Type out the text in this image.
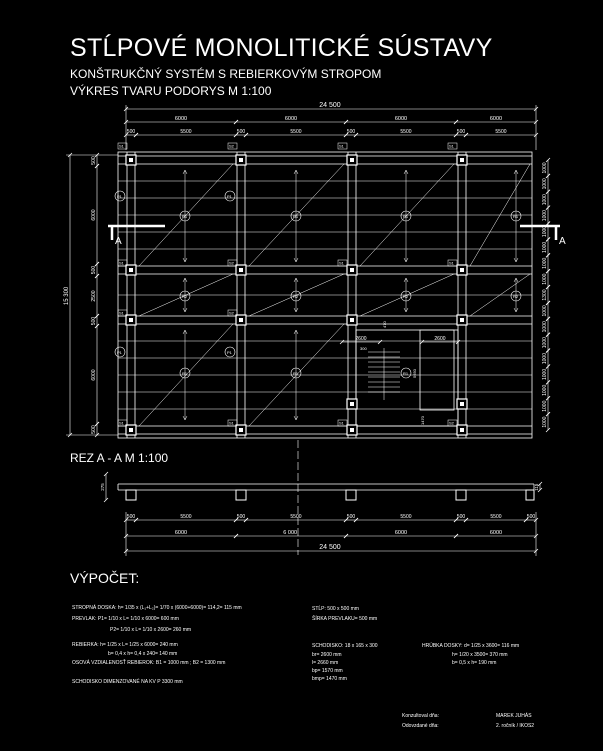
STĹPOVÉ MONOLITICKÉ SÚSTAVY
KONŠTRUKČNÝ SYSTÉM S REBIERKOVÝM STROPOM
VÝKRES TVARU PODORYS M 1:100
R1	R1	R1	R1
R2	R2	R2	R2
R1	R1	R1
P1	P1
P1	P1
S1	S2	S1	S1
S1	S2	S1	S1
S1	S2
S1	S1	S1	S2
A	A
24 500
6000	6000	6000	6000
500	5500	500	5500	500	5500	500	5500
15 300
500
6000
500
2500
500
6000
500
1000
1000
1000
1000
1000
1000
1000
1000
1300
1000
1000
1000
1000
1000
1000
1000
1000
2600	2600
300
470
1470
5650
275	115
500	5500	500	5500	500	5500	500	5500	500
6000	6 000	6000	6000
24 500
REZ A - A M 1:100
VÝPOČET:
STROPNÁ DOSKA: h= 1/35 x (L₁+L₂)= 1/70 x (6000+6000)= 114,2= 115 mm
PREVLAK: P1= 1/10 x L= 1/10 x 6000= 600 mm
P2= 1/10 x L= 1/10 x 2600= 260 mm
REBIERKA: h= 1/25 x L= 1/25 x 6000= 240 mm
b= 0,4 x h= 0,4 x 240= 140 mm
OSOVÁ VZDIALENOSŤ REBIEROK: B1 = 1000 mm ; B2 = 1300 mm
SCHODISKO DIMENZOVANÉ NA KV P 3300 mm
STĹP: 500 x 500 mm
ŠÍRKA PREVLAKU= 500 mm
SCHODISKO: 18 x 165 x 300
br= 2600 mm
l= 2660 mm
bp= 1570 mm
bmp= 1470 mm
HRÚBKA DOSKY: d= 1/25 x 3600= 116 mm
h= 1/20 x 3500= 370 mm
b= 0,5 x h= 190 mm
Konzultoval dňa:	MAREK JUHÁS
Odovzdané dňa:	2. ročník / IKOS2
